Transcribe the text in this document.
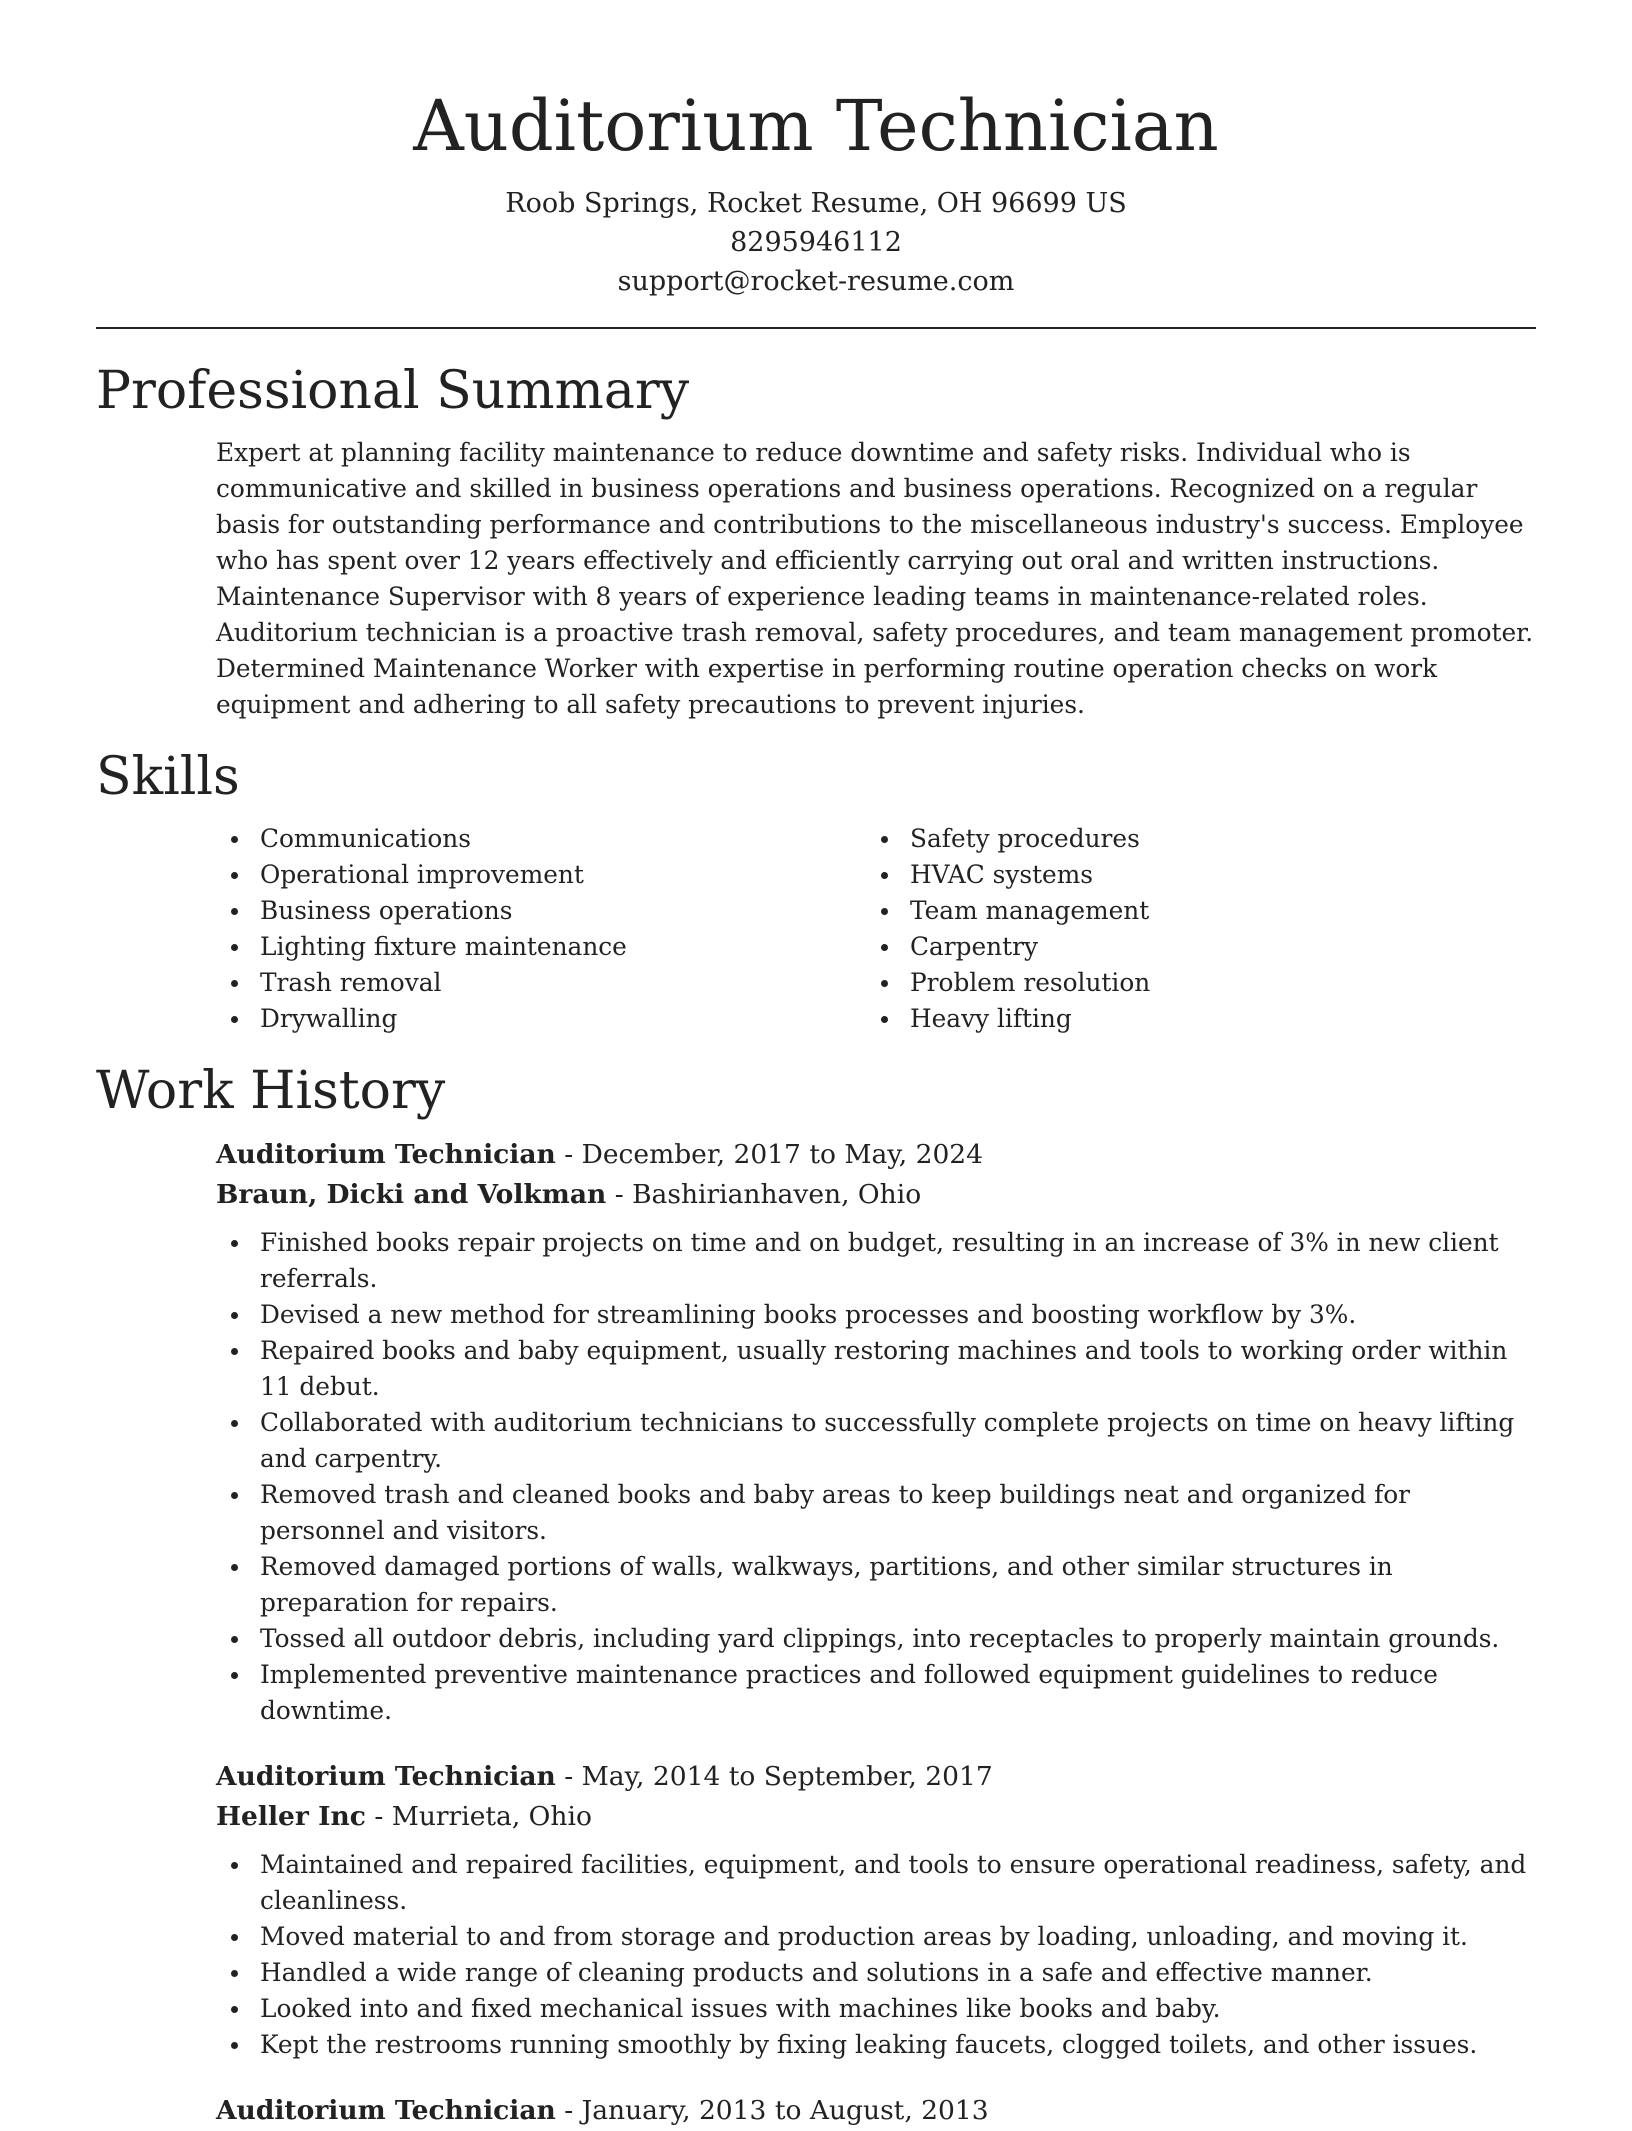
Auditorium Technician
Roob Springs, Rocket Resume, OH 96699 US
8295946112
support@rocket-resume.com
Professional Summary

Expert at planning facility maintenance to reduce downtime and safety risks. Individual who is communicative and skilled in business operations and business operations. Recognized on a regular basis for outstanding performance and contributions to the miscellaneous industry's success. Employee who has spent over 12 years effectively and efficiently carrying out oral and written instructions. Maintenance Supervisor with 8 years of experience leading teams in maintenance-related roles. Auditorium technician is a proactive trash removal, safety procedures, and team management promoter. Determined Maintenance Worker with expertise in performing routine operation checks on work equipment and adhering to all safety precautions to prevent injuries.

Skills
Communications
Operational improvement
Business operations
Lighting fixture maintenance
Trash removal
Drywalling
Safety procedures
HVAC systems
Team management
Carpentry
Problem resolution
Heavy lifting
Work History
Auditorium Technician - December, 2017 to May, 2024
Braun, Dicki and Volkman - Bashirianhaven, Ohio
Finished books repair projects on time and on budget, resulting in an increase of 3% in new client referrals.
Devised a new method for streamlining books processes and boosting workflow by 3%.
Repaired books and baby equipment, usually restoring machines and tools to working order within 11 debut.
Collaborated with auditorium technicians to successfully complete projects on time on heavy lifting and carpentry.
Removed trash and cleaned books and baby areas to keep buildings neat and organized for personnel and visitors.
Removed damaged portions of walls, walkways, partitions, and other similar structures in preparation for repairs.
Tossed all outdoor debris, including yard clippings, into receptacles to properly maintain grounds.
Implemented preventive maintenance practices and followed equipment guidelines to reduce downtime.
Auditorium Technician - May, 2014 to September, 2017
Heller Inc - Murrieta, Ohio
Maintained and repaired facilities, equipment, and tools to ensure operational readiness, safety, and cleanliness.
Moved material to and from storage and production areas by loading, unloading, and moving it.
Handled a wide range of cleaning products and solutions in a safe and effective manner.
Looked into and fixed mechanical issues with machines like books and baby.
Kept the restrooms running smoothly by fixing leaking faucets, clogged toilets, and other issues.
Auditorium Technician - January, 2013 to August, 2013
